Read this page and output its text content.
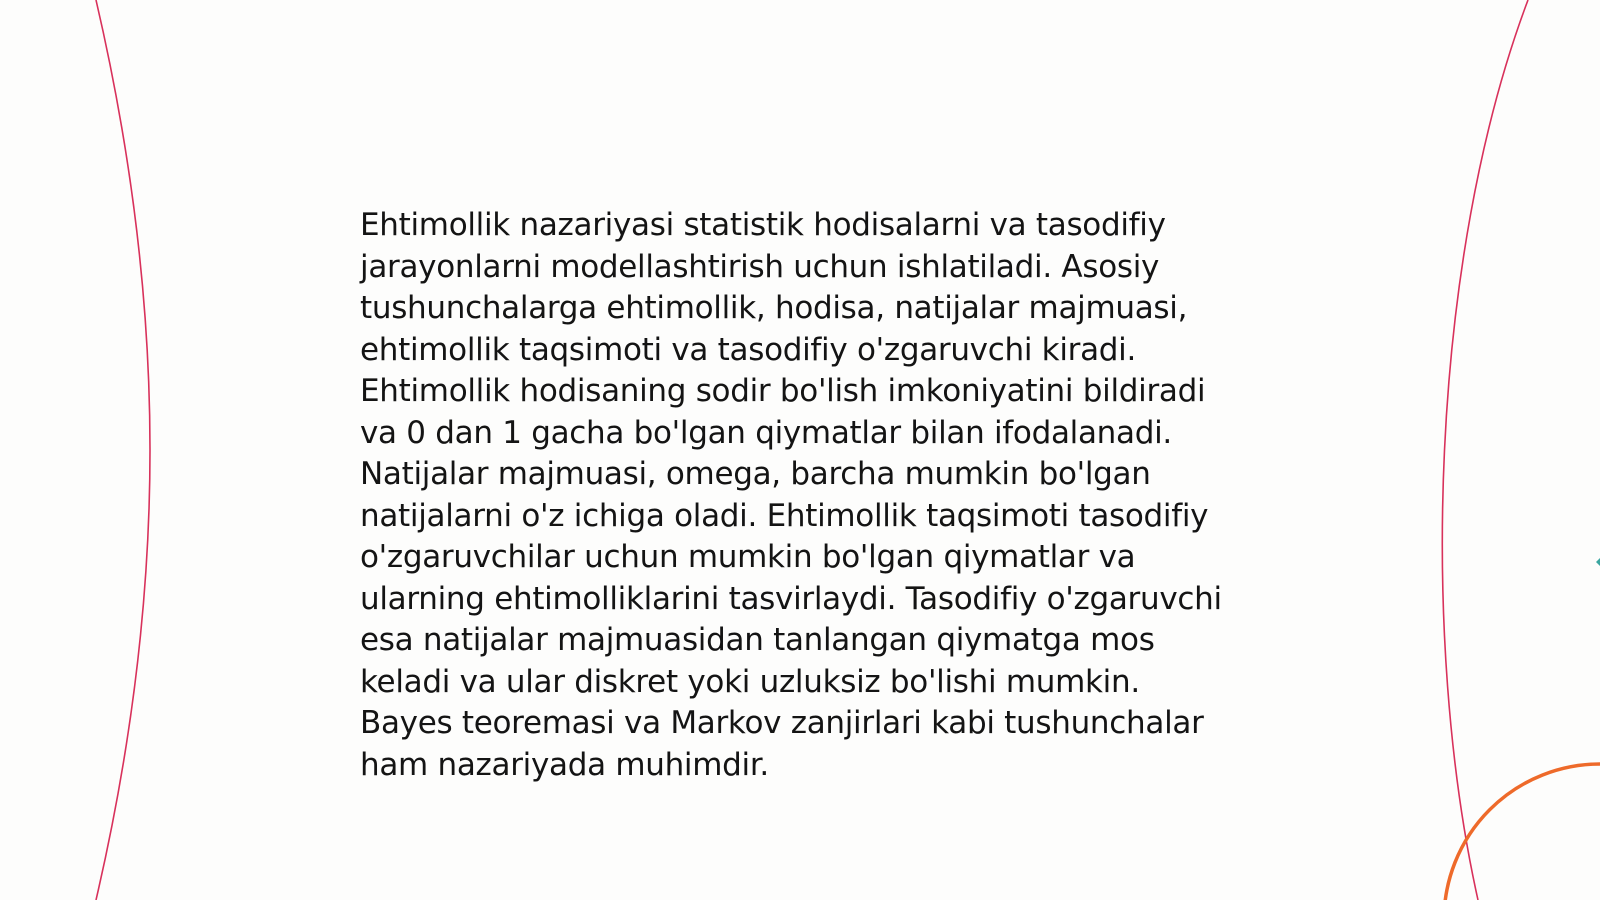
Ehtimollik nazariyasi statistik hodisalarni va tasodifiy jarayonlarni modellashtirish uchun ishlatiladi. Asosiy tushunchalarga ehtimollik, hodisa, natijalar majmuasi, ehtimollik taqsimoti va tasodifiy o'zgaruvchi kiradi. Ehtimollik hodisaning sodir bo'lish imkoniyatini bildiradi va 0 dan 1 gacha bo'lgan qiymatlar bilan ifodalanadi. Natijalar majmuasi, omega, barcha mumkin bo'lgan natijalarni o'z ichiga oladi. Ehtimollik taqsimoti tasodifiy o'zgaruvchilar uchun mumkin bo'lgan qiymatlar va ularning ehtimolliklarini tasvirlaydi. Tasodifiy o'zgaruvchi esa natijalar majmuasidan tanlangan qiymatga mos keladi va ular diskret yoki uzluksiz bo'lishi mumkin. Bayes teoremasi va Markov zanjirlari kabi tushunchalar ham nazariyada muhimdir.
